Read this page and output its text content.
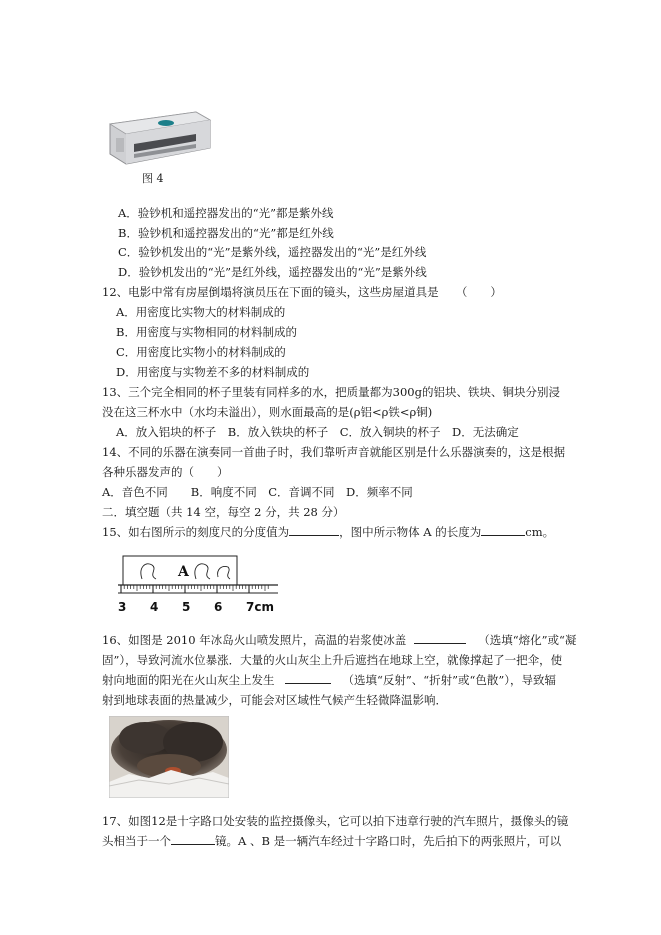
图 4
A．验钞机和遥控器发出的“光”都是紫外线
B．验钞机和遥控器发出的“光”都是红外线
C．验钞机发出的“光”是紫外线，遥控器发出的“光”是红外线
D．验钞机发出的“光”是红外线，遥控器发出的“光”是紫外线
12、电影中常有房屋倒塌将演员压在下面的镜头，这些房屋道具是　　（　　）
A．用密度比实物大的材料制成的
B．用密度与实物相同的材料制成的
C．用密度比实物小的材料制成的
D．用密度与实物差不多的材料制成的
13、三个完全相同的杯子里装有同样多的水，把质量都为300g的铝块、铁块、铜块分别浸
没在这三杯水中（水均未溢出），则水面最高的是(ρ铝<ρ铁<ρ铜)
A．放入铝块的杯子　B．放入铁块的杯子　C．放入铜块的杯子　D．无法确定
14、不同的乐器在演奏同一首曲子时，我们靠听声音就能区别是什么乐器演奏的，这是根据
各种乐器发声的（　　）
A．音色不同　　B．响度不同　C．音调不同　D．频率不同
二．填空题（共 14 空，每空 2 分，共 28 分）
15、如右图所示的刻度尺的分度值为	，图中所示物体 A 的长度为	cm。
A
3 4 5 6 7cm
16、如图是 2010 年冰岛火山喷发照片，高温的岩浆使冰盖	（选填“熔化”或“凝
固”），导致河流水位暴涨．大量的火山灰尘上升后遮挡在地球上空，就像撑起了一把伞，使
射向地面的阳光在火山灰尘上发生	（选填“反射”、“折射”或“色散”），导致辐
射到地球表面的热量减少，可能会对区域性气候产生轻微降温影响．
17、如图12是十字路口处安装的监控摄像头，它可以拍下违章行驶的汽车照片，摄像头的镜
头相当于一个	镜。A 、B 是一辆汽车经过十字路口时，先后拍下的两张照片，可以
